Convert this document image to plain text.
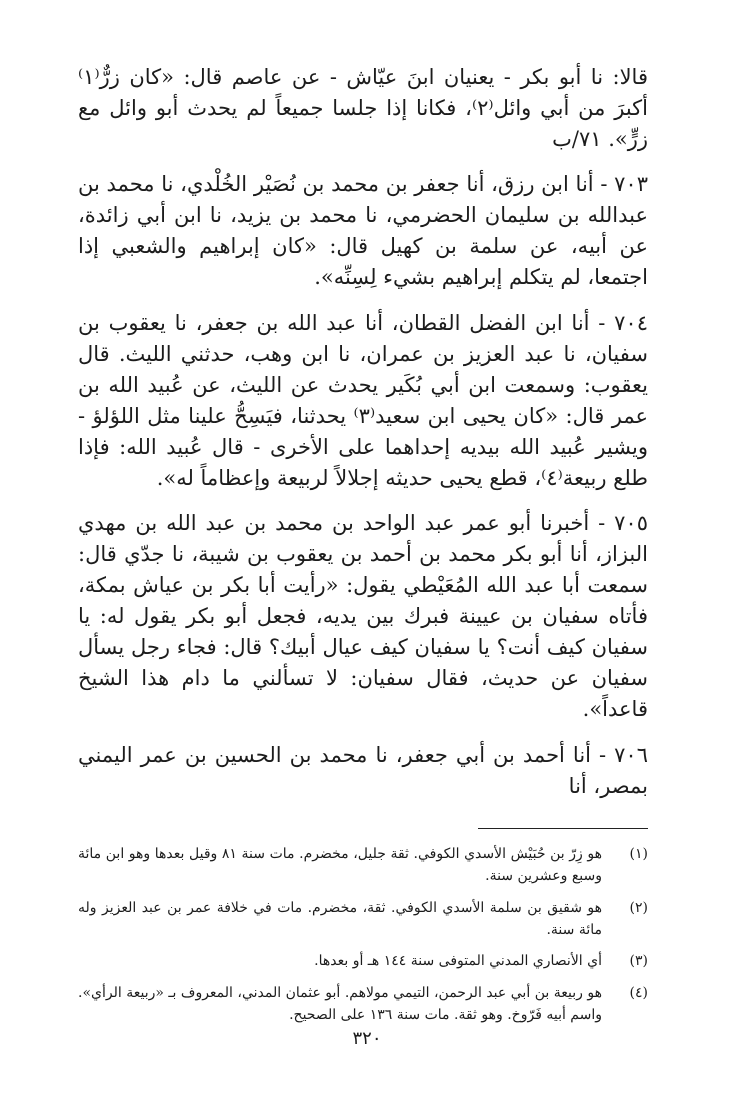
قالا: نا أبو بكر - يعنيان ابنَ عيّاش - عن عاصم قال: «كان زرٌّ⁽١⁾ أكبرَ من أبي وائل⁽٢⁾، فكانا إذا جلسا جميعاً لم يحدث أبو وائل مع زرٍّ». ٧١/ب

٧٠٣ - أنا ابن رزق، أنا جعفر بن محمد بن نُصَيْر الخُلْدي، نا محمد بن عبدالله بن سليمان الحضرمي، نا محمد بن يزيد، نا ابن أبي زائدة، عن أبيه، عن سلمة بن كهيل قال: «كان إبراهيم والشعبي إذا اجتمعا، لم يتكلم إبراهيم بشيء لِسِنِّه».

٧٠٤ - أنا ابن الفضل القطان، أنا عبد الله بن جعفر، نا يعقوب بن سفيان، نا عبد العزيز بن عمران، نا ابن وهب، حدثني الليث. قال يعقوب: وسمعت ابن أبي بُكَير يحدث عن الليث، عن عُبيد الله بن عمر قال: «كان يحيى ابن سعيد⁽٣⁾ يحدثنا، فيَسِحُّ علينا مثل اللؤلؤ - ويشير عُبيد الله بيديه إحداهما على الأخرى - قال عُبيد الله: فإذا طلع ربيعة⁽٤⁾، قطع يحيى حديثه إجلالاً لربيعة وإعظاماً له».

٧٠٥ - أخبرنا أبو عمر عبد الواحد بن محمد بن عبد الله بن مهدي البزاز، أنا أبو بكر محمد بن أحمد بن يعقوب بن شيبة، نا جدّي قال: سمعت أبا عبد الله المُعَيْطي يقول: «رأيت أبا بكر بن عياش بمكة، فأتاه سفيان بن عيينة فبرك بين يديه، فجعل أبو بكر يقول له: يا سفيان كيف أنت؟ يا سفيان كيف عيال أبيك؟ قال: فجاء رجل يسأل سفيان عن حديث، فقال سفيان: لا تسألني ما دام هذا الشيخ قاعداً».

٧٠٦ - أنا أحمد بن أبي جعفر، نا محمد بن الحسين بن عمر اليمني بمصر، أنا

(١)
هو زِرّ بن حُبَيْش الأسدي الكوفي. ثقة جليل، مخضرم. مات سنة ٨١ وقيل بعدها وهو ابن مائة وسبع وعشرين سنة.
(٢)
هو شقيق بن سلمة الأسدي الكوفي. ثقة، مخضرم. مات في خلافة عمر بن عبد العزيز وله مائة سنة.
(٣)
أي الأنصاري المدني المتوفى سنة ١٤٤ هـ أو بعدها.
(٤)
هو ربيعة بن أبي عبد الرحمن، التيمي مولاهم. أبو عثمان المدني، المعروف بـ «ربيعة الرأي». واسم أبيه فَرّوخ. وهو ثقة. مات سنة ١٣٦ على الصحيح.
٣٢٠
